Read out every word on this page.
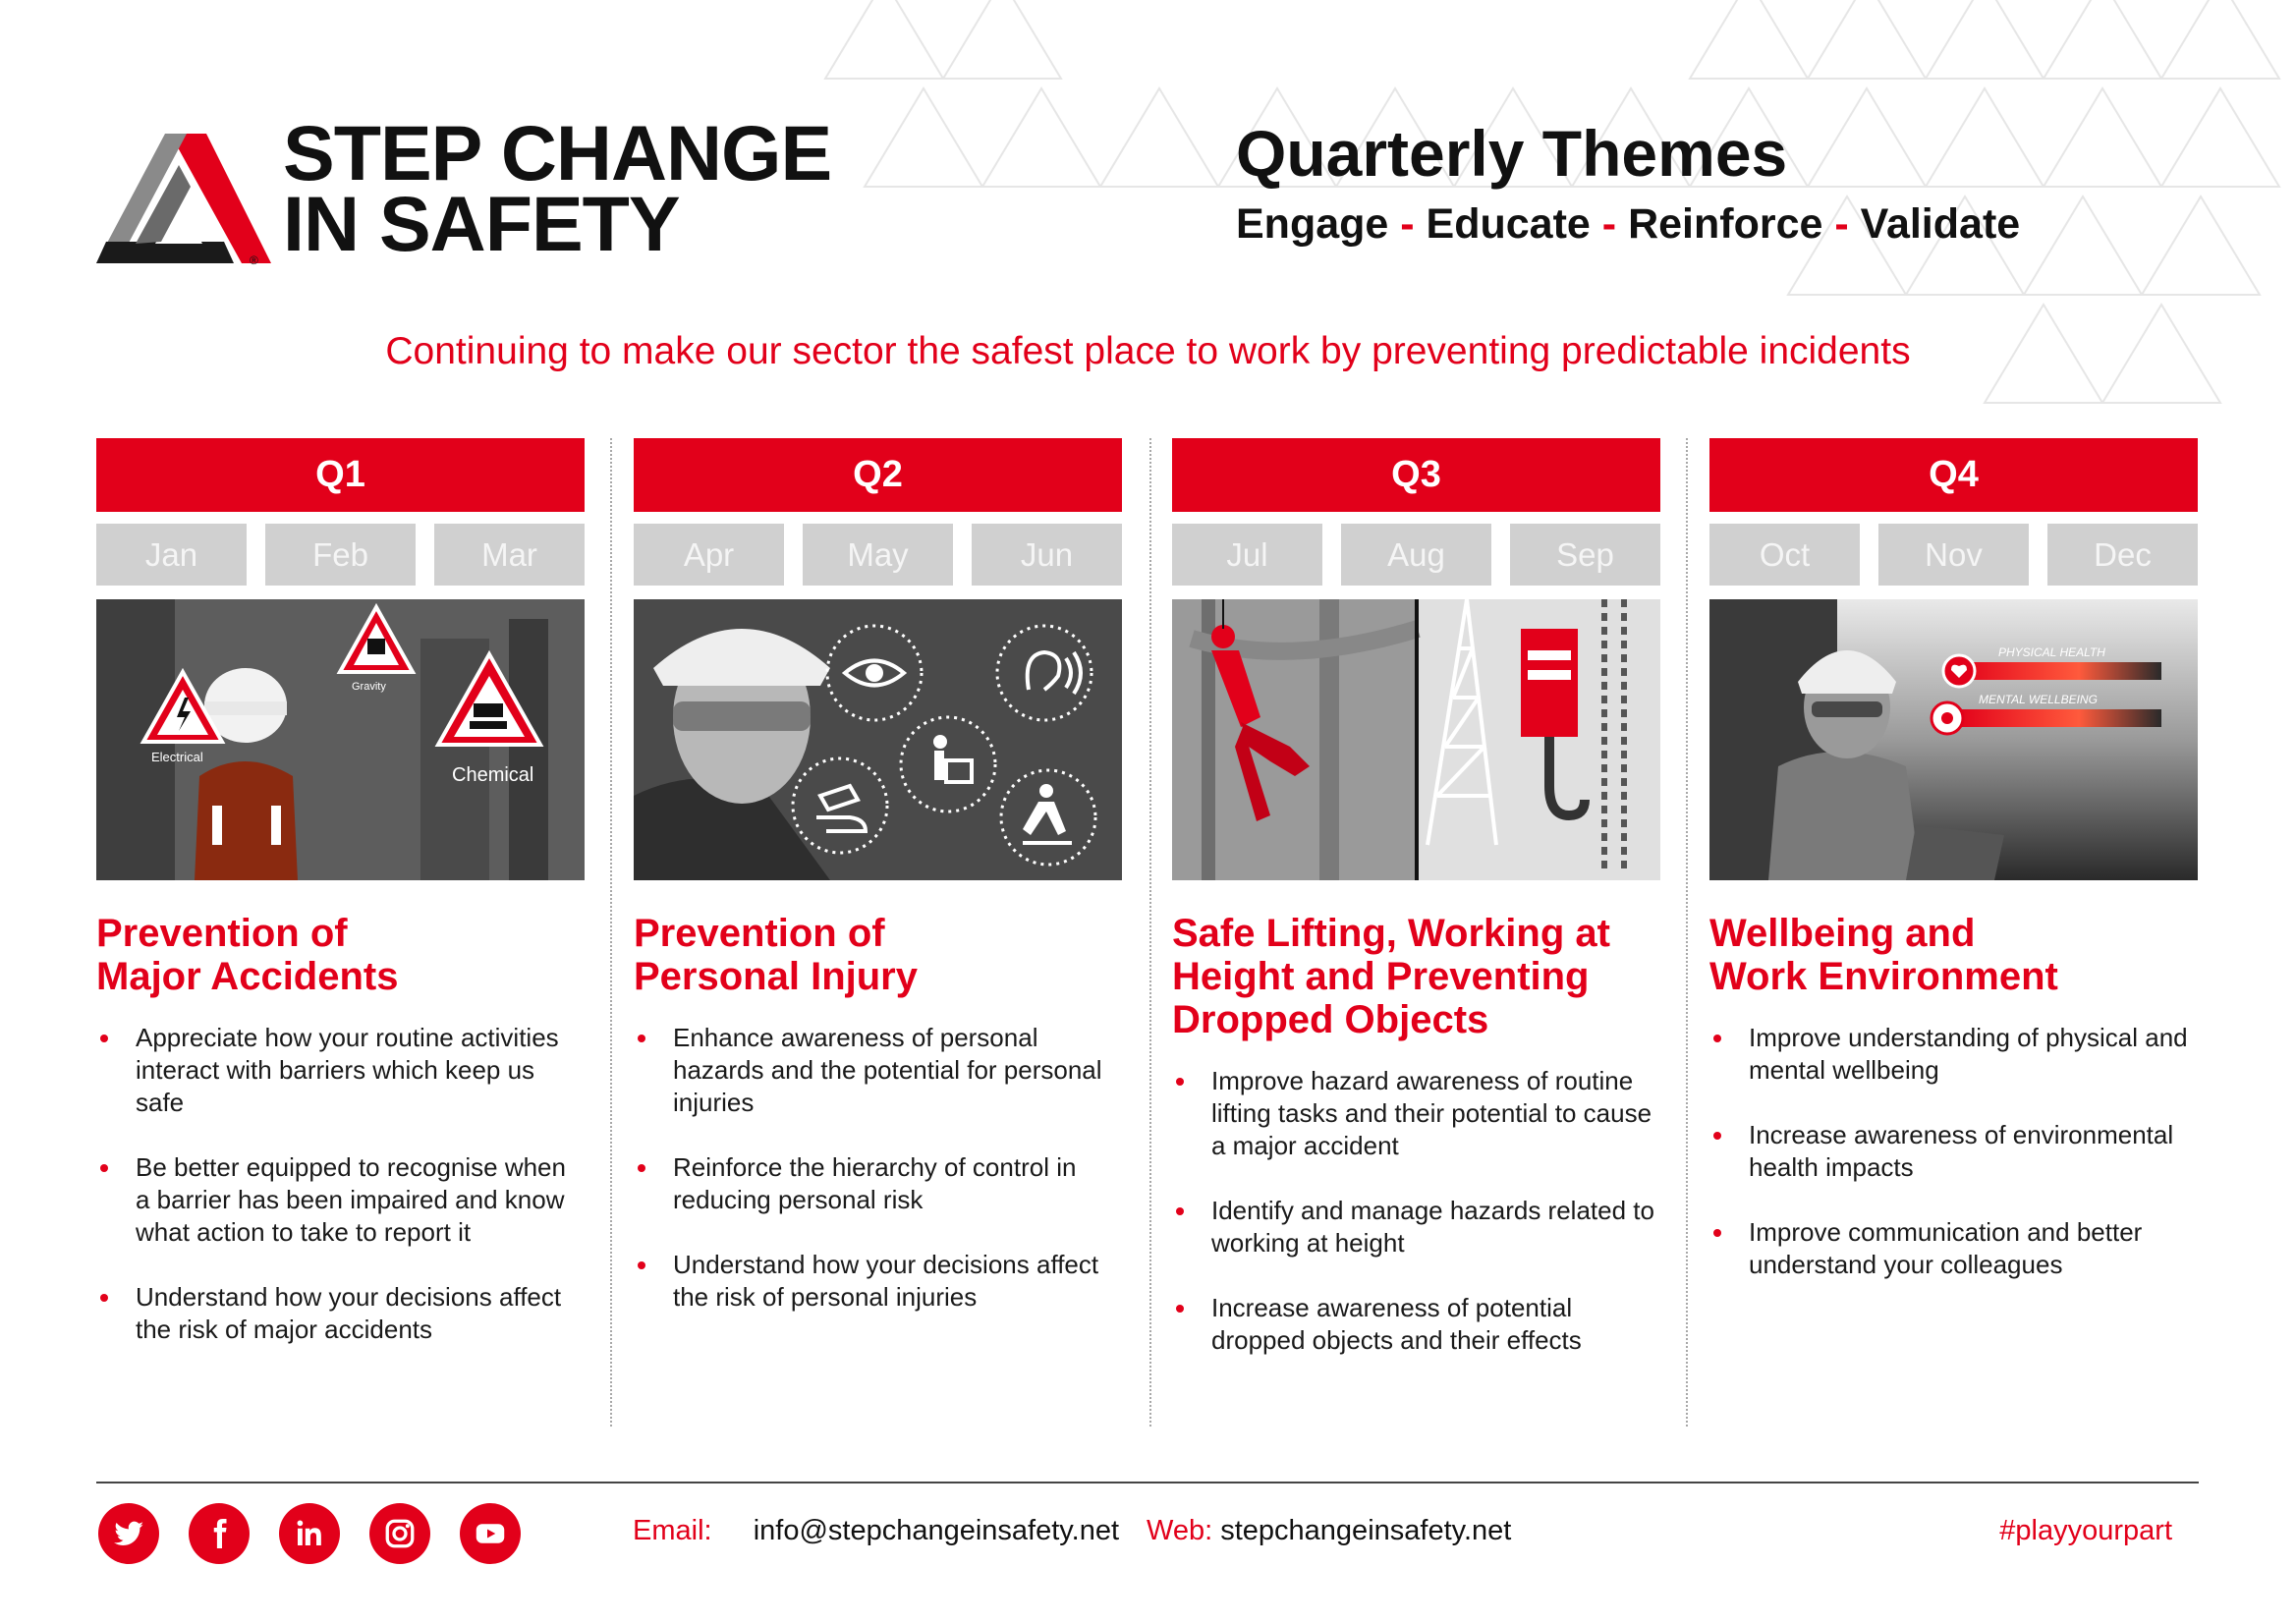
STEP CHANGE
IN SAFETY
®
Quarterly Themes
Engage - Educate - Reinforce - Validate
Continuing to make our sector the safest place to work by preventing predictable incidents
Q1
Jan	Feb	Mar
Electrical
Gravity
Chemical
Prevention of
Major Accidents
Appreciate how your routine activities interact with barriers which keep us safe
Be better equipped to recognise when a barrier has been impaired and know what action to take to report it
Understand how your decisions affect the risk of major accidents
Q2
Apr	May	Jun
Prevention of
Personal Injury
Enhance awareness of personal hazards and the potential for personal injuries
Reinforce the hierarchy of control in reducing personal risk
Understand how your decisions affect the risk of personal injuries
Q3
Jul	Aug	Sep
Safe Lifting, Working at
Height and Preventing
Dropped Objects
Improve hazard awareness of routine lifting tasks and their potential to cause a major accident
Identify and manage hazards related to working at height
Increase awareness of potential dropped objects and their effects
Q4
Oct	Nov	Dec
PHYSICAL HEALTH
MENTAL WELLBEING
Wellbeing and
Work Environment
Improve understanding of physical and mental wellbeing
Increase awareness of environmental health impacts
Improve communication and better understand your colleagues
Email: info@stepchangeinsafety.net Web: stepchangeinsafety.net	#playyourpart
